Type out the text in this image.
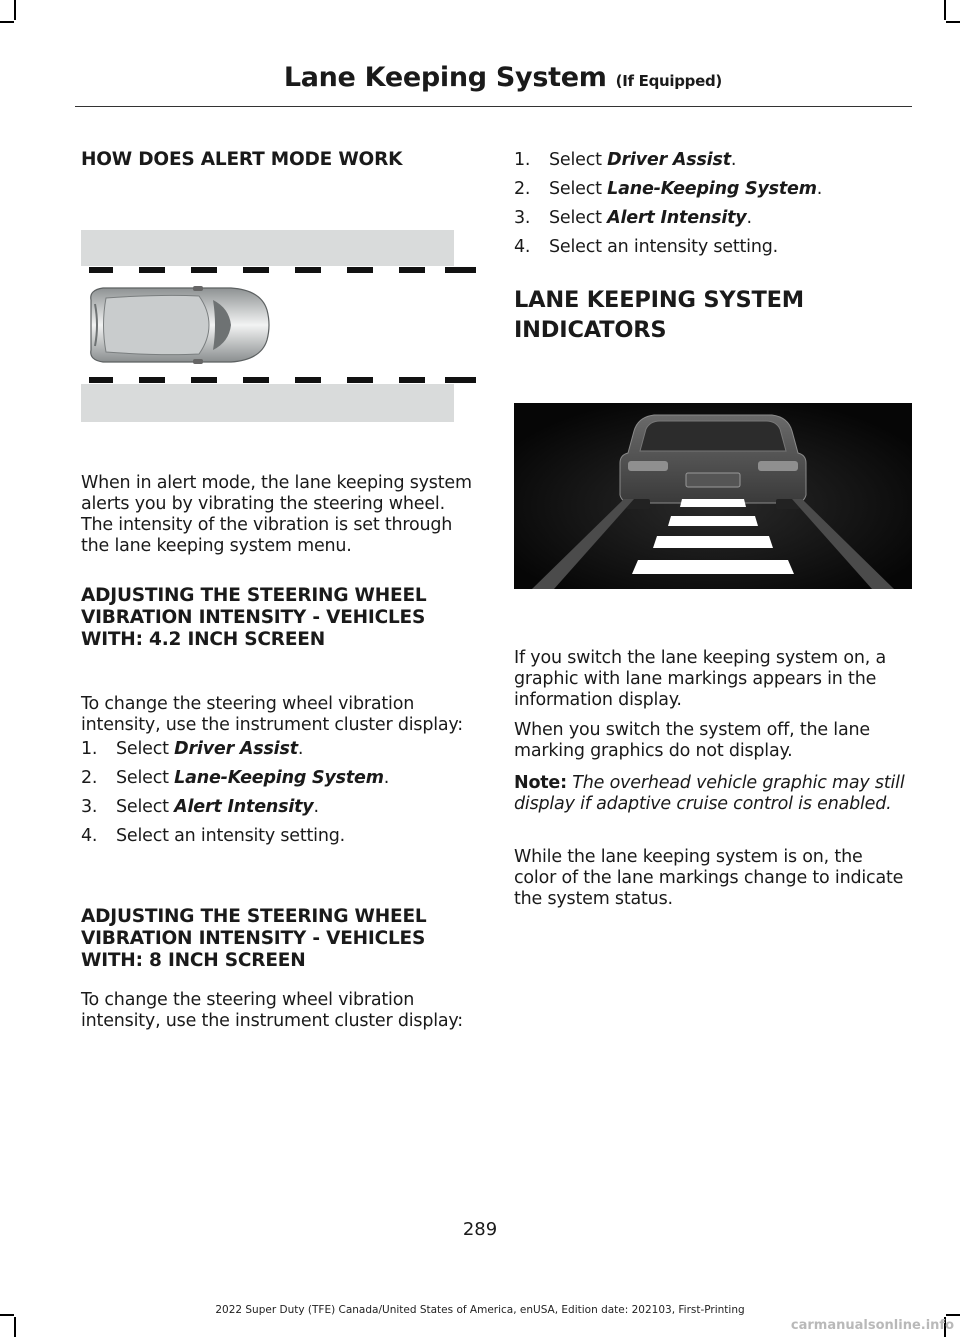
Lane Keeping System (If Equipped)
HOW DOES ALERT MODE WORK

When in alert mode, the lane keeping system alerts you by vibrating the steering wheel. The intensity of the vibration is set through the lane keeping system menu.

ADJUSTING THE STEERING WHEEL VIBRATION INTENSITY - VEHICLES WITH: 4.2 INCH SCREEN

To change the steering wheel vibration intensity, use the instrument cluster display:

1.	Select Driver Assist.
2.	Select Lane-Keeping System.
3.	Select Alert Intensity.
4.	Select an intensity setting.
ADJUSTING THE STEERING WHEEL VIBRATION INTENSITY - VEHICLES WITH: 8 INCH SCREEN

To change the steering wheel vibration intensity, use the instrument cluster display:

1.	Select Driver Assist.
2.	Select Lane-Keeping System.
3.	Select Alert Intensity.
4.	Select an intensity setting.
LANE KEEPING SYSTEM
INDICATORS

If you switch the lane keeping system on, a graphic with lane markings appears in the information display.

When you switch the system off, the lane marking graphics do not display.

Note: The overhead vehicle graphic may still display if adaptive cruise control is enabled.

While the lane keeping system is on, the color of the lane markings change to indicate the system status.

289
2022 Super Duty (TFE) Canada/United States of America, enUSA, Edition date: 202103, First-Printing
carmanualsonline.info
